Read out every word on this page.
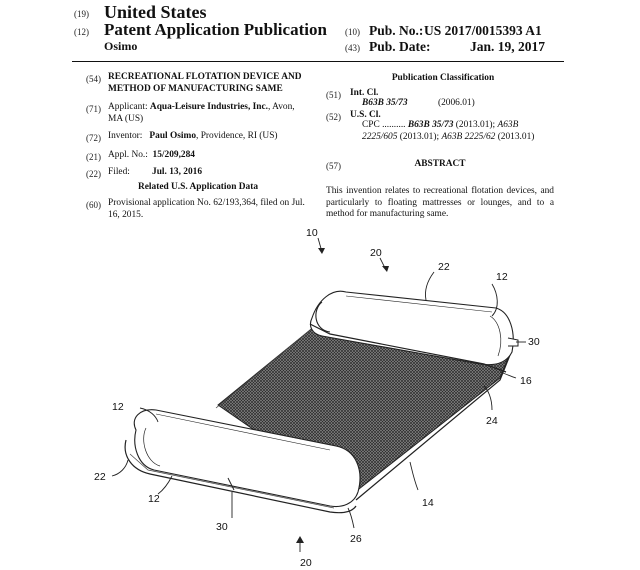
(19) United States
(12) Patent Application Publication
Osimo
(10) Pub. No.: US 2017/0015393 A1
(43) Pub. Date:	Jan. 19, 2017
(54) RECREATIONAL FLOTATION DEVICE AND METHOD OF MANUFACTURING SAME
(71) Applicant: Aqua-Leisure Industries, Inc., Avon, MA (US)
(72) Inventor: Paul Osimo, Providence, RI (US)
(21) Appl. No.: 15/209,284
(22) Filed: Jul. 13, 2016
Related U.S. Application Data
(60) Provisional application No. 62/193,364, filed on Jul. 16, 2015.
Publication Classification
(51) Int. Cl.
B63B 35/73	(2006.01)
(52) U.S. Cl.
CPC .......... B63B 35/73 (2013.01); A63B 2225/605 (2013.01); A63B 2225/62 (2013.01)
(57)	ABSTRACT
This invention relates to recreational flotation devices, and particularly to floating mattresses or lounges, and to a method for manufacturing same.
10
20
22
12
30
16
24
12
22
12
30
20
26
14
